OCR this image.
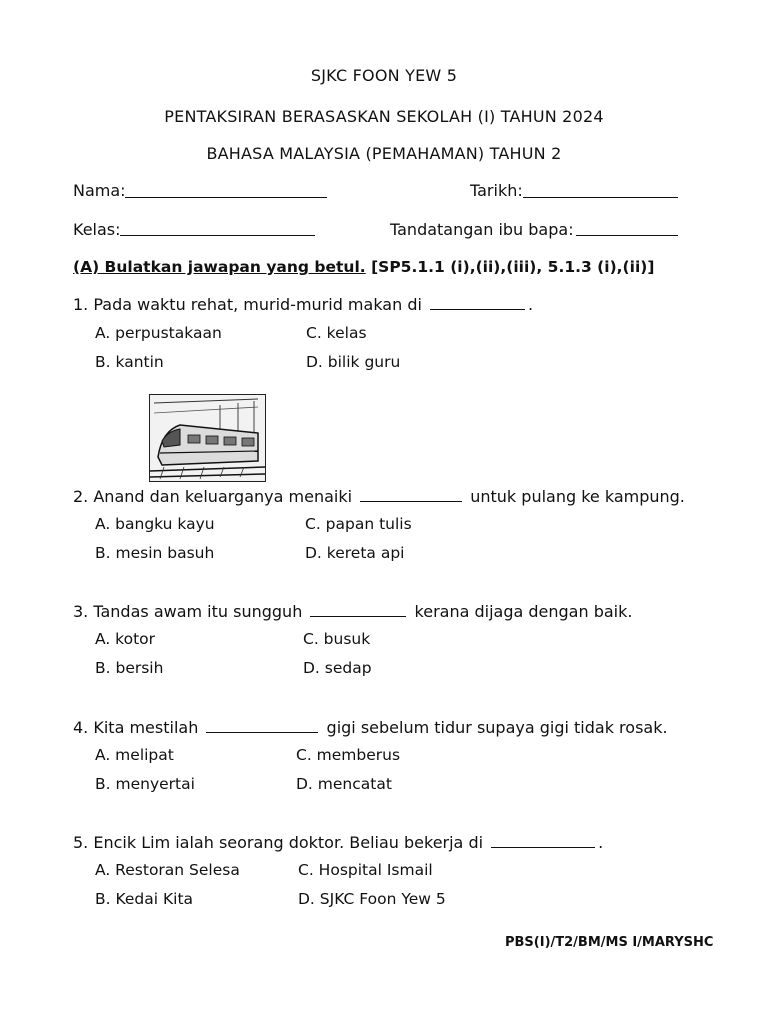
SJKC FOON YEW 5
PENTAKSIRAN BERASASKAN SEKOLAH (I) TAHUN 2024
BAHASA MALAYSIA (PEMAHAMAN) TAHUN 2
Nama:	Tarikh:
Kelas:	Tandatangan ibu bapa:
(A) Bulatkan jawapan yang betul. [SP5.1.1 (i),(ii),(iii), 5.1.3 (i),(ii)]
1. Pada waktu rehat, murid-murid makan di	.
A. perpustakaan
B. kantin
C. kelas
D. bilik guru
2. Anand dan keluarganya menaiki	untuk pulang ke kampung.
A. bangku kayu
B. mesin basuh
C. papan tulis
D. kereta api
3. Tandas awam itu sungguh	kerana dijaga dengan baik.
A. kotor
B. bersih
C. busuk
D. sedap
4. Kita mestilah	gigi sebelum tidur supaya gigi tidak rosak.
A. melipat
B. menyertai
C. memberus
D. mencatat
5. Encik Lim ialah seorang doktor. Beliau bekerja di	.
A. Restoran Selesa
B. Kedai Kita
C. Hospital Ismail
D. SJKC Foon Yew 5
PBS(I)/T2/BM/MS I/MARYSHC
